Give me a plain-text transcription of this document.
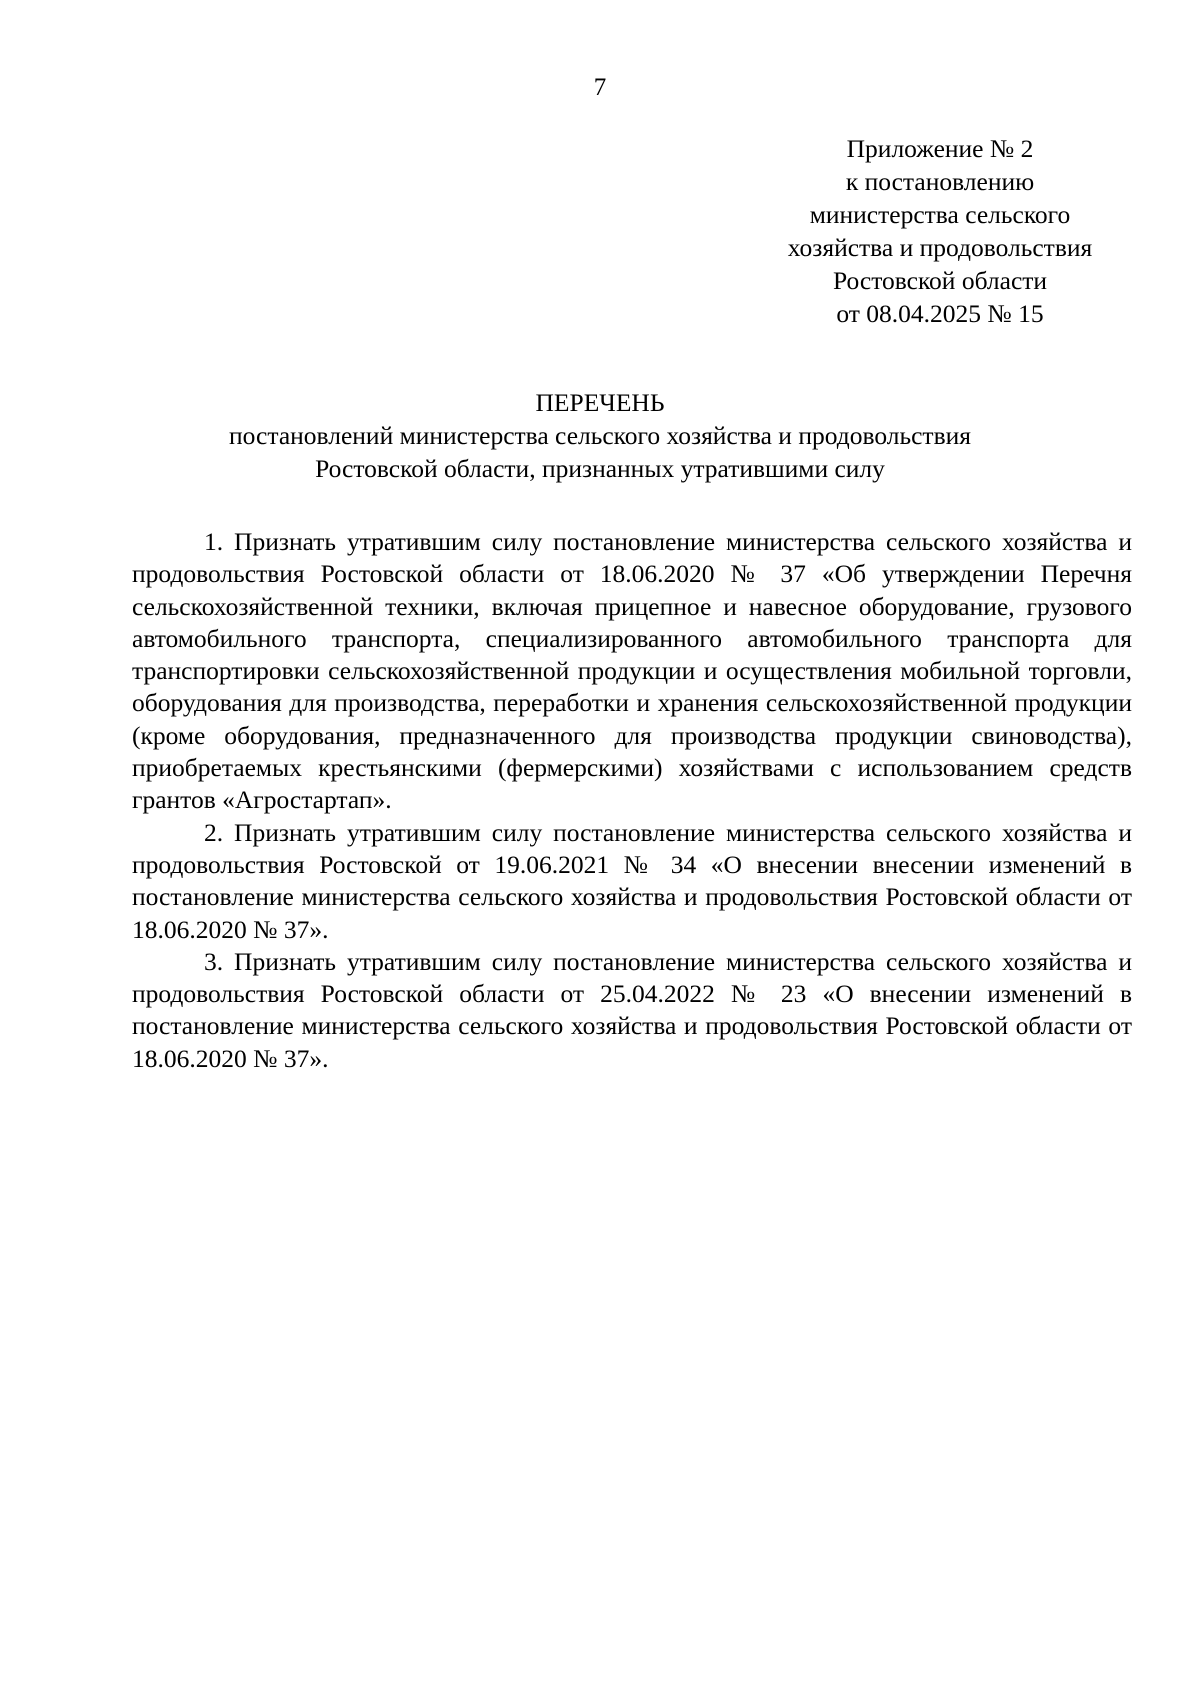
7
Приложение № 2
к постановлению
министерства сельского
хозяйства и продовольствия
Ростовской области
от 08.04.2025 № 15
ПЕРЕЧЕНЬ
постановлений министерства сельского хозяйства и продовольствия
Ростовской области, признанных утратившими силу

1. Признать утратившим силу постановление министерства сельского хозяйства и продовольствия Ростовской области от 18.06.2020 № 37 «Об утверждении Перечня сельскохозяйственной техники, включая прицепное и навесное оборудование, грузового автомобильного транспорта, специализированного автомобильного транспорта для транспортировки сельскохозяйственной продукции и осуществления мобильной торговли, оборудования для производства, переработки и хранения сельскохозяйственной продукции (кроме оборудования, предназначенного для производства продукции свиноводства), приобретаемых крестьянскими (фермерскими) хозяйствами с использованием средств грантов «Агростартап».

2. Признать утратившим силу постановление министерства сельского хозяйства и продовольствия Ростовской от 19.06.2021 № 34 «О внесении внесении изменений в постановление министерства сельского хозяйства и продовольствия Ростовской области от 18.06.2020 № 37».

3. Признать утратившим силу постановление министерства сельского хозяйства и продовольствия Ростовской области от 25.04.2022 № 23 «О внесении изменений в постановление министерства сельского хозяйства и продовольствия Ростовской области от 18.06.2020 № 37».
